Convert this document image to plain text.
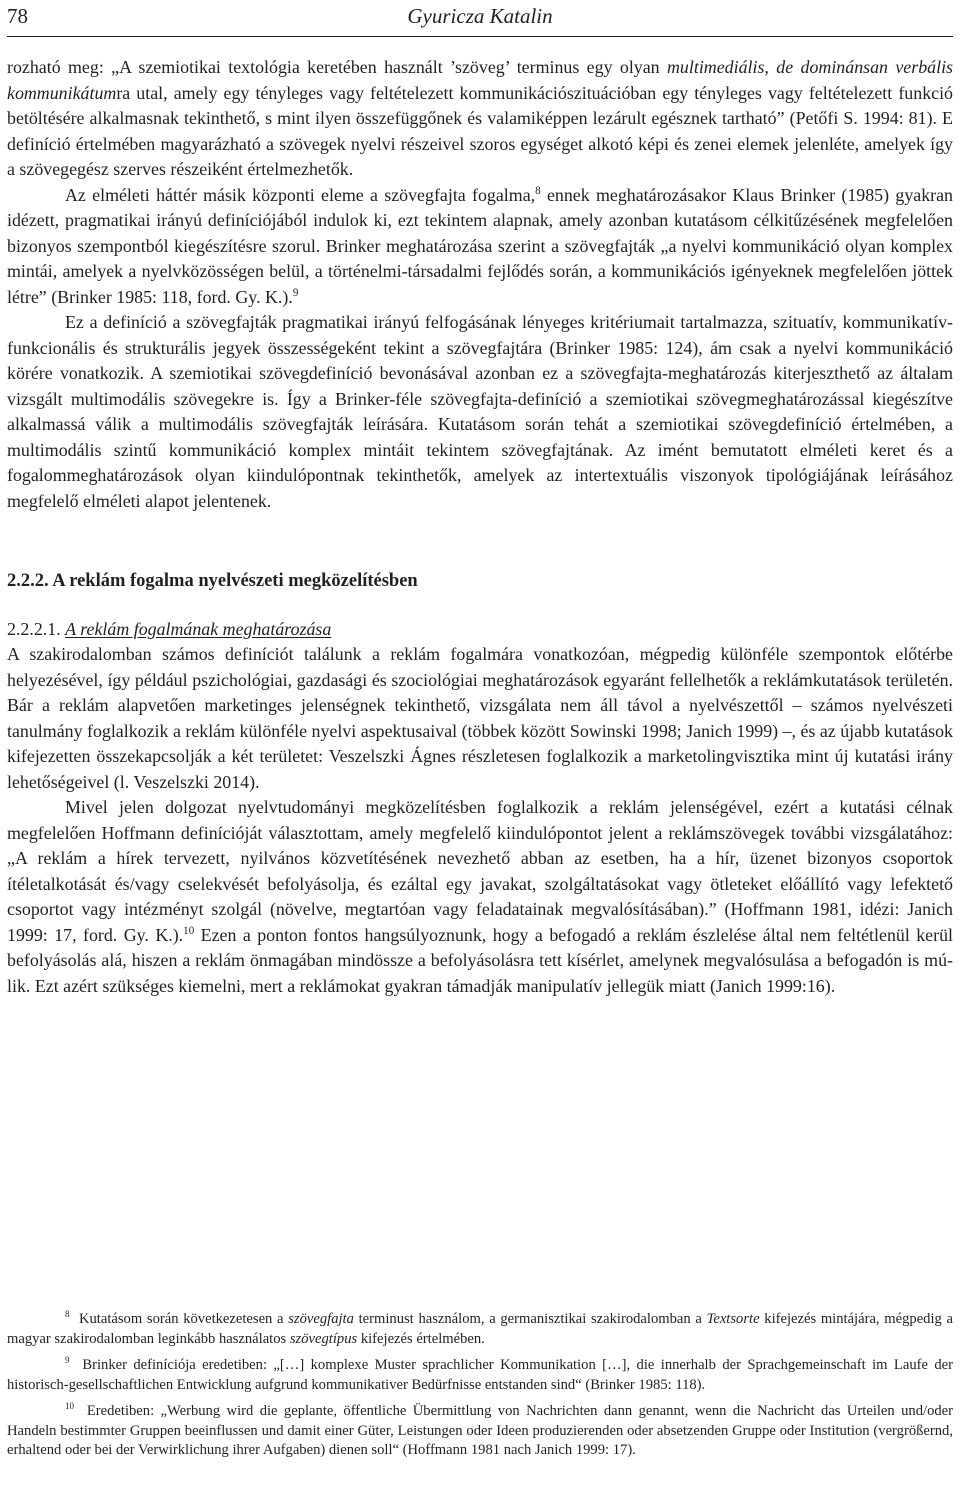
78	Gyuricza Katalin

rozható meg: „A szemiotikai textológia keretében használt ’szöveg’ terminus egy olyan multimediális, de dominánsan verbális kommunikátumra utal, amely egy tényleges vagy feltételezett kommunikációszituációban egy tényleges vagy feltételezett funkció betöltésére alkalmasnak tekinthető, s mint ilyen összefüggőnek és valamiképpen lezárult egésznek tartható” (Petőfi S. 1994: 81). E definíció értelmében magyarázható a szövegek nyelvi részeivel szoros egységet alkotó képi és zenei elemek jelenléte, amelyek így a szövegegész szerves részeiként értelmezhetők.

Az elméleti háttér másik központi eleme a szövegfajta fogalma,$^8$ ennek meghatározásakor Klaus Brinker (1985) gyakran idézett, pragmatikai irányú definíciójából indulok ki, ezt tekintem alapnak, amely azonban kutatásom célkitűzésének megfelelően bizonyos szempontból kiegészítésre szorul. Brinker meghatározása szerint a szövegfajták „a nyelvi kommunikáció olyan komplex mintái, amelyek a nyelvközösségen belül, a történelmi-társadalmi fejlődés során, a kommunikációs igényeknek megfelelően jöttek létre” (Brinker 1985: 118, ford. Gy. K.).$^9$

Ez a definíció a szövegfajták pragmatikai irányú felfogásának lényeges kritériumait tartalmazza, szituatív, kommunikatív-funkcionális és strukturális jegyek összességeként tekint a szövegfajtára (Brinker 1985: 124), ám csak a nyelvi kommunikáció körére vonatkozik. A szemiotikai szövegdefiníció bevonásával azonban ez a szövegfajta-meghatározás kiterjeszthető az általam vizsgált multimodális szövegekre is. Így a Brinker-féle szövegfajta-definíció a szemiotikai szövegmeghatározással kiegészítve alkalmassá válik a multimodális szövegfajták leírására. Kutatásom során tehát a szemiotikai szövegdefiníció értelmében, a multimodális szintű kommunikáció komplex mintáit tekintem szövegfajtának. Az imént bemutatott elméleti keret és a fogalommeghatározások olyan kiindulópontnak tekinthetők, amelyek az intertextuális viszonyok tipológiájának leírásához megfelelő elméleti alapot jelentenek.

2.2.2. A reklám fogalma nyelvészeti megközelítésben
2.2.2.1. A reklám fogalmának meghatározása

A szakirodalomban számos definíciót találunk a reklám fogalmára vonatkozóan, mégpedig különféle szempontok előtérbe helyezésével, így például pszichológiai, gazdasági és szociológiai meghatározások egyaránt fellelhetők a reklámkutatások területén. Bár a reklám alapvetően marketinges jelenségnek tekinthető, vizsgálata nem áll távol a nyelvészettől – számos nyelvészeti tanulmány foglalkozik a reklám különféle nyelvi aspektusaival (többek között Sowinski 1998; Janich 1999) –, és az újabb kutatások kifejezetten összekapcsolják a két területet: Veszelszki Ágnes részletesen foglalkozik a marketolingvisztika mint új kutatási irány lehetőségeivel (l. Veszelszki 2014).

Mivel jelen dolgozat nyelvtudományi megközelítésben foglalkozik a reklám jelenségével, ezért a kutatási célnak megfelelően Hoffmann definícióját választottam, amely megfelelő kiindulópontot jelent a reklámszövegek további vizsgálatához: „A reklám a hírek tervezett, nyilvános közvetítésének nevezhető abban az esetben, ha a hír, üzenet bizonyos csoportok ítéletalkotását és/vagy cselekvését befolyásolja, és ezáltal egy javakat, szolgáltatásokat vagy ötleteket előállító vagy lefektető csoportot vagy intézményt szolgál (növelve, megtartóan vagy feladatainak megvalósításában).” (Hoffmann 1981, idézi: Janich 1999: 17, ford. Gy. K.).$^{10}$ Ezen a ponton fontos hangsúlyoznunk, hogy a befogadó a reklám észlelése által nem feltétlenül kerül befolyásolás alá, hiszen a reklám önmagában mindössze a befolyásolásra tett kísérlet, amelynek megvalósulása a befogadón is múlik. Ezt azért szükséges kiemelni, mert a reklámokat gyakran támadják manipulatív jellegük miatt (Janich 1999:16).

$^8$ Kutatásom során következetesen a szövegfajta terminust használom, a germanisztikai szakirodalomban a Textsorte kifejezés mintájára, mégpedig a magyar szakirodalomban leginkább használatos szövegtípus kifejezés értelmében.

$^9$ Brinker definíciója eredetiben: „[…] komplexe Muster sprachlicher Kommunikation […], die innerhalb der Sprachgemeinschaft im Laufe der historisch-gesellschaftlichen Entwicklung aufgrund kommunikativer Bedürfnisse entstanden sind“ (Brinker 1985: 118).

$^{10}$ Eredetiben: „Werbung wird die geplante, öffentliche Übermittlung von Nachrichten dann genannt, wenn die Nachricht das Urteilen und/oder Handeln bestimmter Gruppen beeinflussen und damit einer Güter, Leistungen oder Ideen produzierenden oder absetzenden Gruppe oder Institution (vergrößernd, erhaltend oder bei der Verwirklichung ihrer Aufgaben) dienen soll“ (Hoffmann 1981 nach Janich 1999: 17).
